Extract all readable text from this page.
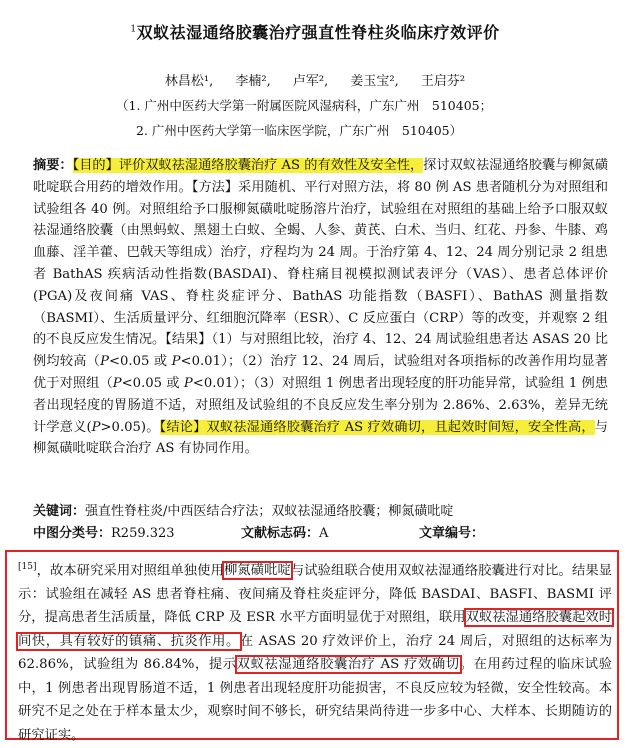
$^1$双蚁祛湿通络胶囊治疗强直性脊柱炎临床疗效评价
林昌松¹, 李楠², 卢军², 姜玉宝², 王启芬²
（1. 广州中医药大学第一附属医院风湿病科，广东广州　510405；
2. 广州中医药大学第一临床医学院，广东广州　510405）
摘要：【目的】评价双蚁祛湿通络胶囊治疗 AS 的有效性及安全性，探讨双蚁祛湿通络胶囊与柳氮磺吡啶联合用药的增效作用。【方法】采用随机、平行对照方法，将 80 例 AS 患者随机分为对照组和试验组各 40 例。对照组给予口服柳氮磺吡啶肠溶片治疗，试验组在对照组的基础上给予口服双蚁祛湿通络胶囊（由黑蚂蚁、黑翅土白蚁、全蝎、人参、黄芪、白术、当归、红花、丹参、牛膝、鸡血藤、淫羊藿、巴戟天等组成）治疗，疗程均为 24 周。于治疗第 4、12、24 周分别记录 2 组患者 BathAS 疾病活动性指数(BASDAI)、脊柱痛目视模拟测试表评分（VAS）、患者总体评价(PGA)及夜间痛 VAS、脊柱炎症评分、BathAS 功能指数（BASFI）、BathAS 测量指数（BASMI）、生活质量评分、红细胞沉降率（ESR）、C 反应蛋白（CRP）等的改变，并观察 2 组的不良反应发生情况。【结果】（1）与对照组比较，治疗 4、12、24 周试验组患者达 ASAS 20 比例均较高（P<0.05 或 P<0.01）；（2）治疗 12、24 周后，试验组对各项指标的改善作用均显著优于对照组（P<0.05 或 P<0.01）；（3）对照组 1 例患者出现轻度的肝功能异常，试验组 1 例患者出现轻度的胃肠道不适，对照组及试验组的不良反应发生率分别为 2.86%、2.63%，差异无统计学意义(P>0.05)。【结论】双蚁祛湿通络胶囊治疗 AS 疗效确切，且起效时间短，安全性高，与柳氮磺吡啶联合治疗 AS 有协同作用。
关键词：强直性脊柱炎/中西医结合疗法；双蚁祛湿通络胶囊；柳氮磺吡啶
中图分类号：R259.323	文献标志码：A	文章编号：
[15]，故本研究采用对照组单独使用柳氮磺吡啶与试验组联合使用双蚁祛湿通络胶囊进行对比。结果显示：试验组在减轻 AS 患者脊柱痛、夜间痛及脊柱炎症评分，降低 BASDAI、BASFI、BASMI 评分，提高患者生活质量，降低 CRP 及 ESR 水平方面明显优于对照组，联用双蚁祛湿通络胶囊起效时间快，具有较好的镇痛、抗炎作用。在 ASAS 20 疗效评价上，治疗 24 周后，对照组的达标率为 62.86%，试验组为 86.84%，提示双蚁祛湿通络胶囊治疗 AS 疗效确切。在用药过程的临床试验中，1 例患者出现胃肠道不适，1 例患者出现轻度肝功能损害，不良反应较为轻微，安全性较高。本研究不足之处在于样本量太少，观察时间不够长，研究结果尚待进一步多中心、大样本、长期随访的研究证实。
